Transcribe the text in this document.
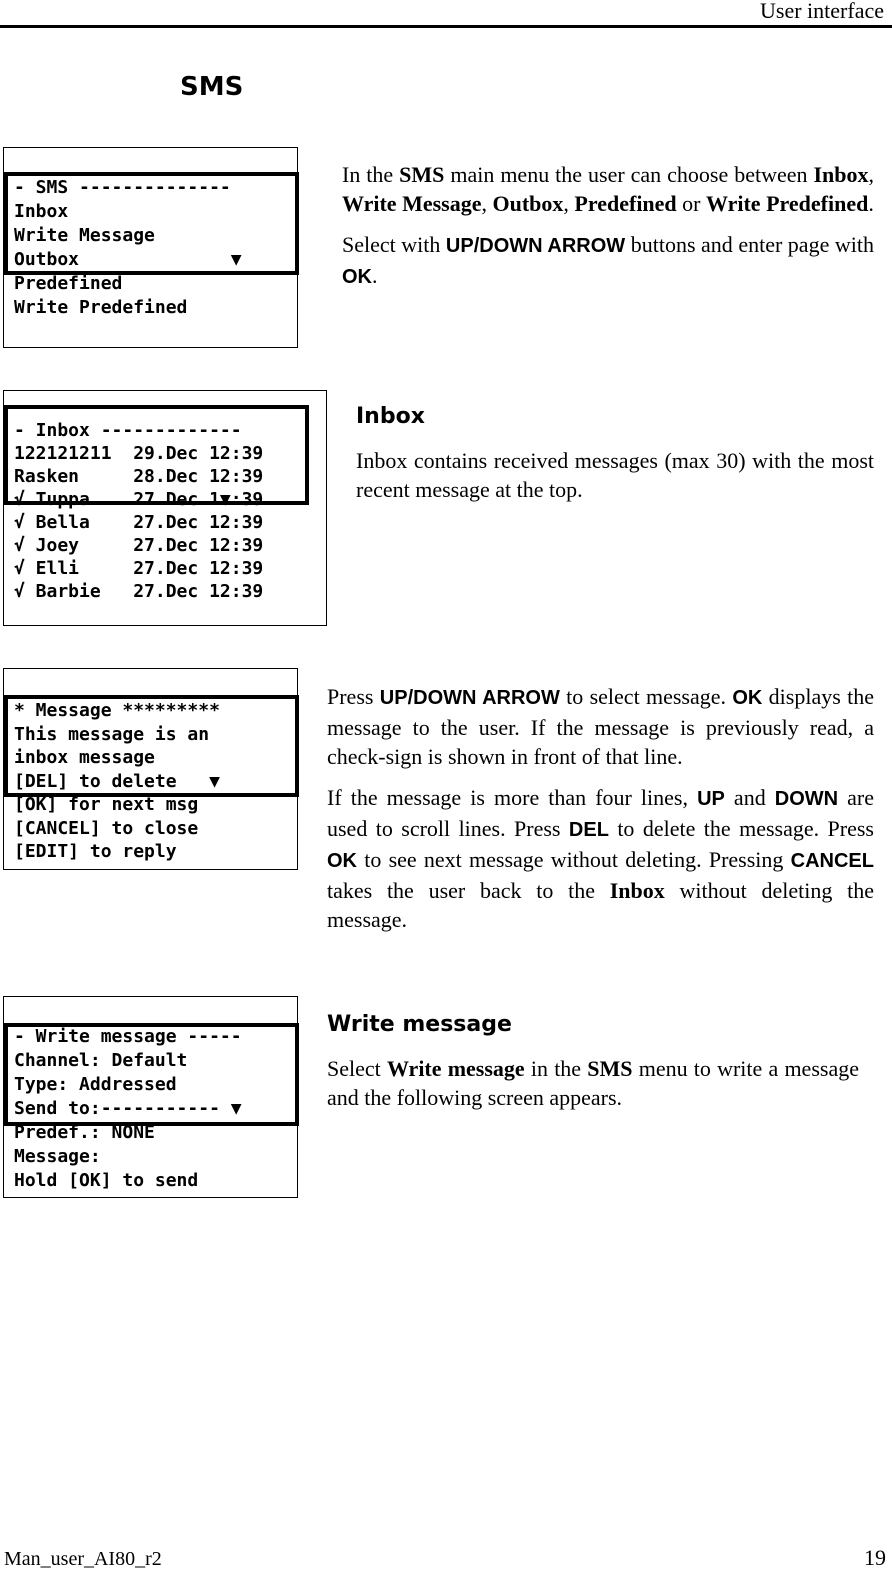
User interface
SMS
- SMS --------------
Inbox
Write Message
Outbox              ▼
Predefined
Write Predefined

In the SMS main menu the user can choose between Inbox, Write Message, Outbox, Predefined or Write Predefined.

Select with UP/DOWN ARROW buttons and enter page with OK.

- Inbox -------------
122121211  29.Dec 12:39
Rasken     28.Dec 12:39
√ Tuppa    27.Dec 1▼:39
√ Bella    27.Dec 12:39
√ Joey     27.Dec 12:39
√ Elli     27.Dec 12:39
√ Barbie   27.Dec 12:39
Inbox

Inbox contains received messages (max 30) with the most recent message at the top.

* Message *********
This message is an
inbox message
[DEL] to delete   ▼
[OK] for next msg
[CANCEL] to close
[EDIT] to reply

Press UP/DOWN ARROW to select message. OK displays the message to the user. If the message is previously read, a check-sign is shown in front of that line.

If the message is more than four lines, UP and DOWN are used to scroll lines. Press DEL to delete the message. Press OK to see next message without deleting. Pressing CANCEL takes the user back to the Inbox without deleting the message.

- Write message -----
Channel: Default
Type: Addressed
Send to:----------- ▼
Predef.: NONE
Message:
Hold [OK] to send
Write message

Select Write message in the SMS menu to write a message and the following screen appears.

Man_user_AI80_r2	19
